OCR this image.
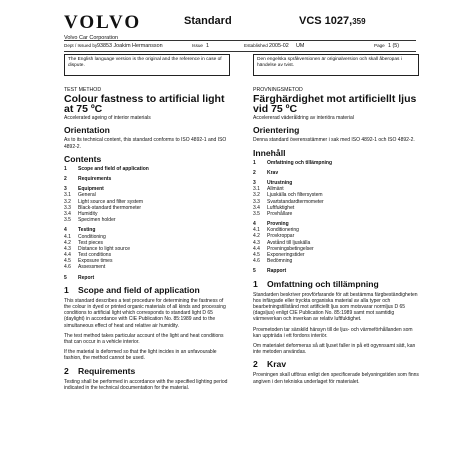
VOLVO
Volvo Car Corporation
Standard	VCS 1027,359
Dept / Issued by 93853 Joakim Hermansson	Issue 1	Established 2005-02 UM	Page 1 (5)
The English language version is the original and the reference in case of dispute.
Den engelska språkversionen är originalversion och skall åberopas i händelse av tvist.
TEST METHOD
Colour fastness to artificial light at 75 ºC
Accelerated ageing of interior materials
Orientation
As to its technical content, this standard conforms to ISO 4892-1 and ISO 4892-2.
Contents
1	Scope and field of application
2	Requirements
3	Equipment
3.1	General
3.2	Light source and filter system
3.3	Black-standard thermometer
3.4	Humidity
3.5	Specimen holder
4	Testing
4.1	Conditioning
4.2	Test pieces
4.3	Distance to light source
4.4	Test conditions
4.5	Exposure times
4.6	Assessment
5	Report
1	Scope and field of application
This standard describes a test procedure for determining the fastness of the colour in dyed or printed organic materials of all kinds and processing conditions to artificial light which corresponds to standard light D 65 (daylight) in accordance with CIE Publication No. 85:1989 and to the simultaneous effect of heat and relative air humidity.
The test method takes particular account of the light and heat conditions that can occur in a vehicle interior.
If the material is deformed so that the light incides in an unfavourable fashion, the method cannot be used.
2	Requirements
Testing shall be performed in accordance with the specified lighting period indicated in the technical documentation for the material.
PROVNINGSMETOD
Färghärdighet mot artificiellt ljus vid 75 ºC
Accelererad väderåldring av interiöra material
Orientering
Denna standard överensstämmer i sak med ISO 4892-1 och ISO 4892-2.
Innehåll
1	Omfattning och tillämpning
2	Krav
3	Utrustning
3.1	Allmänt
3.2	Ljuskälla och filtersystem
3.3	Svartstandardtermometer
3.4	Luftfuktighet
3.5	Provhållare
4	Provning
4.1	Konditionering
4.2	Provkroppar
4.3	Avstånd till ljuskälla
4.4	Provningsbetingelser
4.5	Exponeringstider
4.6	Bedömning
5	Rapport
1	Omfattning och tillämpning
Standarden beskriver provförfarande för att bestämma färgbeständigheten hos infärgade eller tryckta organiska material av alla typer och bearbetningstillstånd mot artificiellt ljus som motsvarar normljus D 65 (dagsljus) enligt CIE Publication No. 85:1989 samt mot samtidig värmeverkan och inverkan av relativ luftfuktighet.
Provmetoden tar särskild hänsyn till de ljus- och värmeförhållanden som kan uppträda i ett fordons interiör.
Om materialet deformeras så att ljuset faller in på ett ogynnsamt sätt, kan inte metoden användas.
2	Krav
Provningen skall utföras enligt den specificerade belysningstiden som finns angiven i den tekniska underlaget för materialet.
